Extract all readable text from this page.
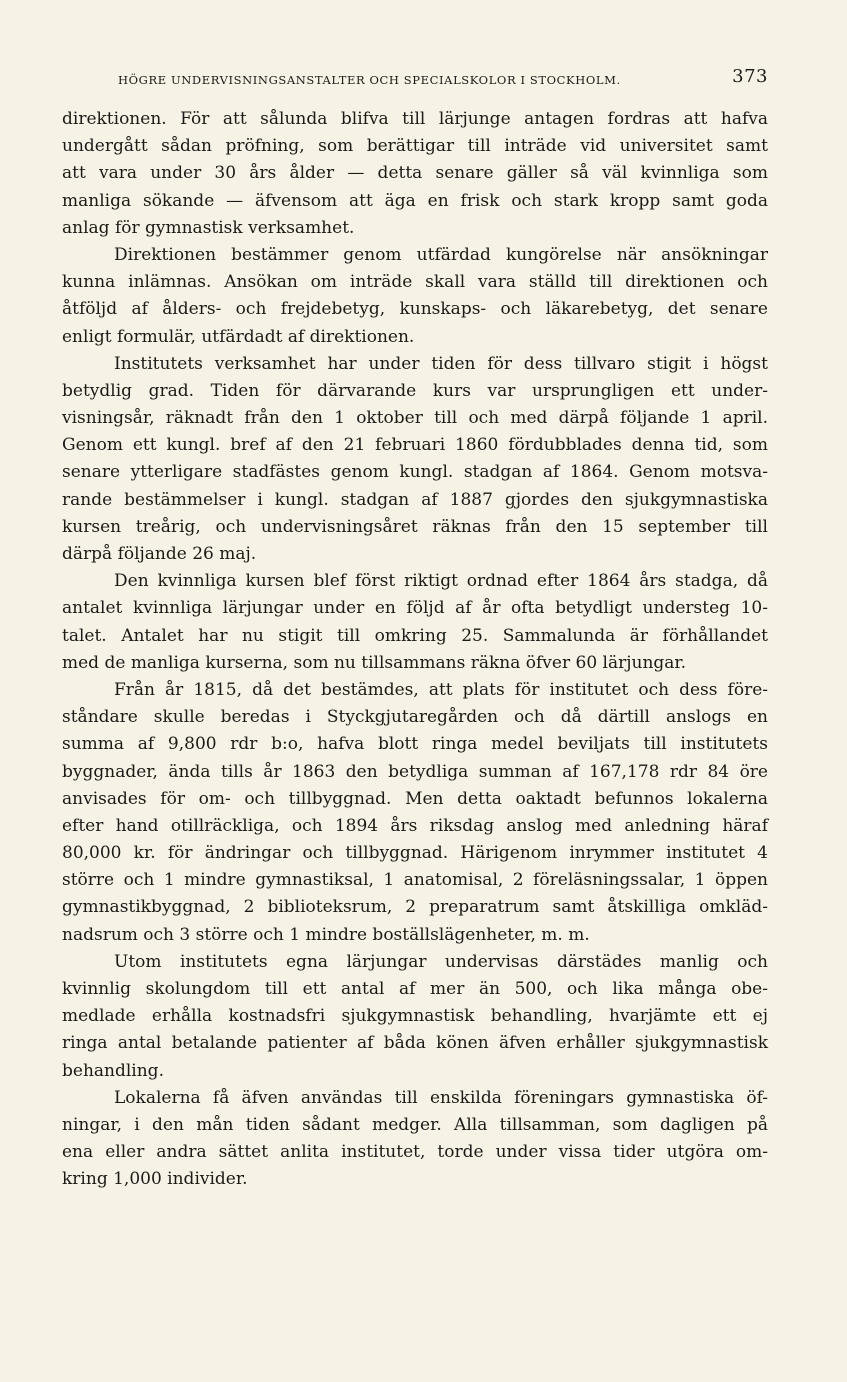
HÖGRE UNDERVISNINGSANSTALTER OCH SPECIALSKOLOR I STOCKHOLM.	373
direktionen. För att sålunda blifva till lärjunge antagen fordras att hafva
undergått sådan pröfning, som berättigar till inträde vid universitet samt
att vara under 30 års ålder — detta senare gäller så väl kvinnliga som
manliga sökande — äfvensom att äga en frisk och stark kropp samt goda
anlag för gymnastisk verksamhet.
Direktionen bestämmer genom utfärdad kungörelse när ansökningar
kunna inlämnas. Ansökan om inträde skall vara ställd till direktionen och
åtföljd af ålders- och frejdebetyg, kunskaps- och läkarebetyg, det senare
enligt formulär, utfärdadt af direktionen.
Institutets verksamhet har under tiden för dess tillvaro stigit i högst
betydlig grad. Tiden för därvarande kurs var ursprungligen ett under-
visningsår, räknadt från den 1 oktober till och med därpå följande 1 april.
Genom ett kungl. bref af den 21 februari 1860 fördubblades denna tid, som
senare ytterligare stadfästes genom kungl. stadgan af 1864. Genom motsva-
rande bestämmelser i kungl. stadgan af 1887 gjordes den sjukgymnastiska
kursen treårig, och undervisningsåret räknas från den 15 september till
därpå följande 26 maj.
Den kvinnliga kursen blef först riktigt ordnad efter 1864 års stadga, då
antalet kvinnliga lärjungar under en följd af år ofta betydligt understeg 10-
talet. Antalet har nu stigit till omkring 25. Sammalunda är förhållandet
med de manliga kurserna, som nu tillsammans räkna öfver 60 lärjungar.
Från år 1815, då det bestämdes, att plats för institutet och dess före-
ståndare skulle beredas i Styckgjutaregården och då därtill anslogs en
summa af 9,800 rdr b:o, hafva blott ringa medel beviljats till institutets
byggnader, ända tills år 1863 den betydliga summan af 167,178 rdr 84 öre
anvisades för om- och tillbyggnad. Men detta oaktadt befunnos lokalerna
efter hand otillräckliga, och 1894 års riksdag anslog med anledning häraf
80,000 kr. för ändringar och tillbyggnad. Härigenom inrymmer institutet 4
större och 1 mindre gymnastiksal, 1 anatomisal, 2 föreläsningssalar, 1 öppen
gymnastikbyggnad, 2 biblioteksrum, 2 preparatrum samt åtskilliga omkläd-
nadsrum och 3 större och 1 mindre boställslägenheter, m. m.
Utom institutets egna lärjungar undervisas därstädes manlig och
kvinnlig skolungdom till ett antal af mer än 500, och lika många obe-
medlade erhålla kostnadsfri sjukgymnastisk behandling, hvarjämte ett ej
ringa antal betalande patienter af båda könen äfven erhåller sjukgymnastisk
behandling.
Lokalerna få äfven användas till enskilda föreningars gymnastiska öf-
ningar, i den mån tiden sådant medger. Alla tillsamman, som dagligen på
ena eller andra sättet anlita institutet, torde under vissa tider utgöra om-
kring 1,000 individer.
